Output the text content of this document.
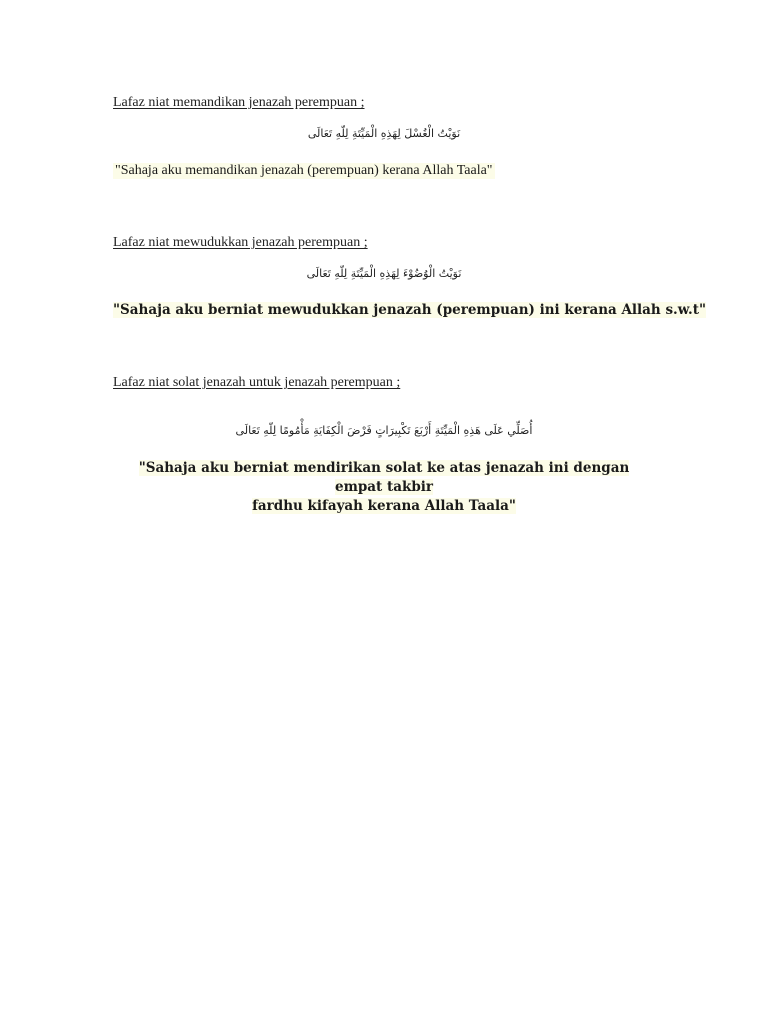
Lafaz niat memandikan jenazah perempuan ;
نَوَيْتُ الْغُسْلَ لِهَذِهِ الْمَيِّتَةِ لِلّهِ تَعَالَى
"Sahaja aku memandikan jenazah (perempuan) kerana Allah Taala"
Lafaz niat mewudukkan jenazah perempuan ;
نَوَيْتُ الْوُضُوْءَ لِهَذِهِ الْمَيِّتَةِ لِلّهِ تَعَالَى
"Sahaja aku berniat mewudukkan jenazah (perempuan) ini kerana Allah s.w.t"
Lafaz niat solat jenazah untuk jenazah perempuan ;
أُصَلِّي عَلَى هَذِهِ الْمَيِّتَةِ أَرْبَعَ تَكْبِيرَاتٍ فَرْضَ الْكِفَايَةِ مَأْمُومًا لِلّهِ تَعَالَى
"Sahaja aku berniat mendirikan solat ke atas jenazah ini dengan empat takbir
fardhu kifayah kerana Allah Taala"
